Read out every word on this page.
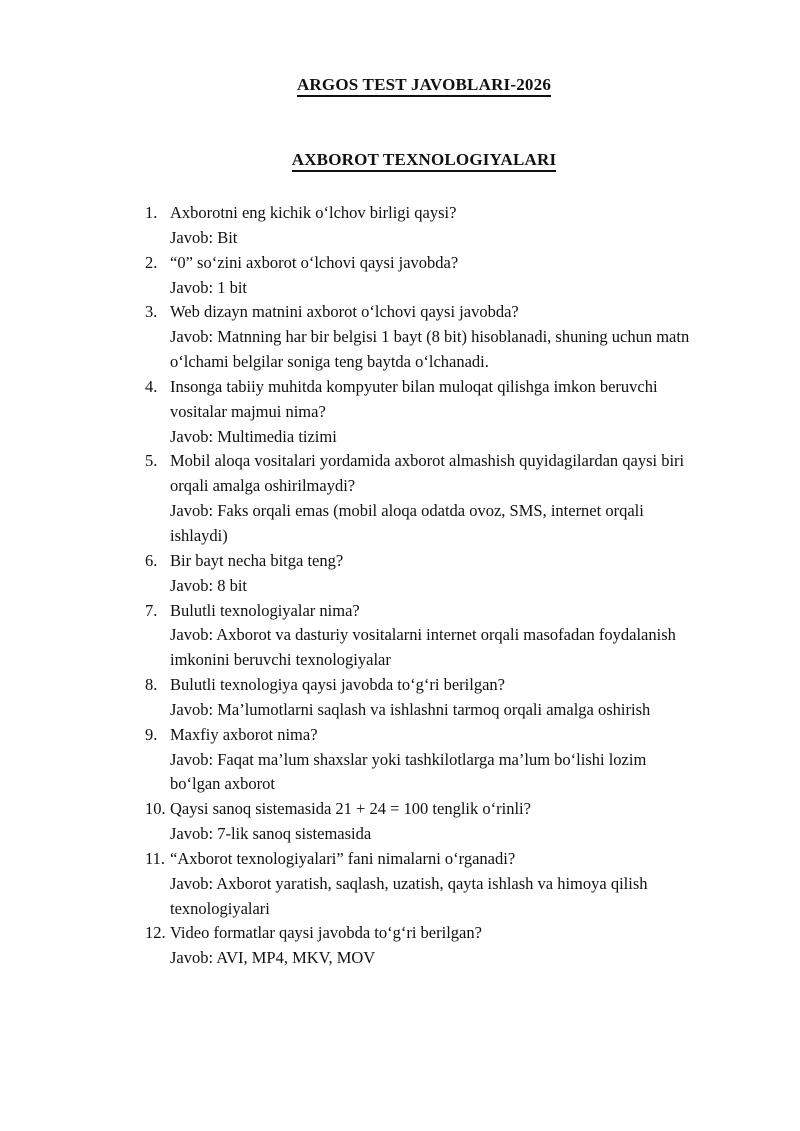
ARGOS TEST JAVOBLARI-2026
AXBOROT TEXNOLOGIYALARI
1. Axborotni eng kichik oʻlchov birligi qaysi?
Javob: Bit
2. “0” soʻzini axborot oʻlchovi qaysi javobda?
Javob: 1 bit
3. Web dizayn matnini axborot oʻlchovi qaysi javobda?
Javob: Matnning har bir belgisi 1 bayt (8 bit) hisoblanadi, shuning uchun matn oʻlchami belgilar soniga teng baytda oʻlchanadi.
4. Insonga tabiiy muhitda kompyuter bilan muloqat qilishga imkon beruvchi vositalar majmui nima?
Javob: Multimedia tizimi
5. Mobil aloqa vositalari yordamida axborot almashish quyidagilardan qaysi biri orqali amalga oshirilmaydi?
Javob: Faks orqali emas (mobil aloqa odatda ovoz, SMS, internet orqali ishlaydi)
6. Bir bayt necha bitga teng?
Javob: 8 bit
7. Bulutli texnologiyalar nima?
Javob: Axborot va dasturiy vositalarni internet orqali masofadan foydalanish imkonini beruvchi texnologiyalar
8. Bulutli texnologiya qaysi javobda toʻgʻri berilgan?
Javob: Ma’lumotlarni saqlash va ishlashni tarmoq orqali amalga oshirish
9. Maxfiy axborot nima?
Javob: Faqat ma’lum shaxslar yoki tashkilotlarga ma’lum boʻlishi lozim boʻlgan axborot
10. Qaysi sanoq sistemasida 21 + 24 = 100 tenglik oʻrinli?
Javob: 7-lik sanoq sistemasida
11. “Axborot texnologiyalari” fani nimalarni oʻrganadi?
Javob: Axborot yaratish, saqlash, uzatish, qayta ishlash va himoya qilish texnologiyalari
12. Video formatlar qaysi javobda toʻgʻri berilgan?
Javob: AVI, MP4, MKV, MOV
